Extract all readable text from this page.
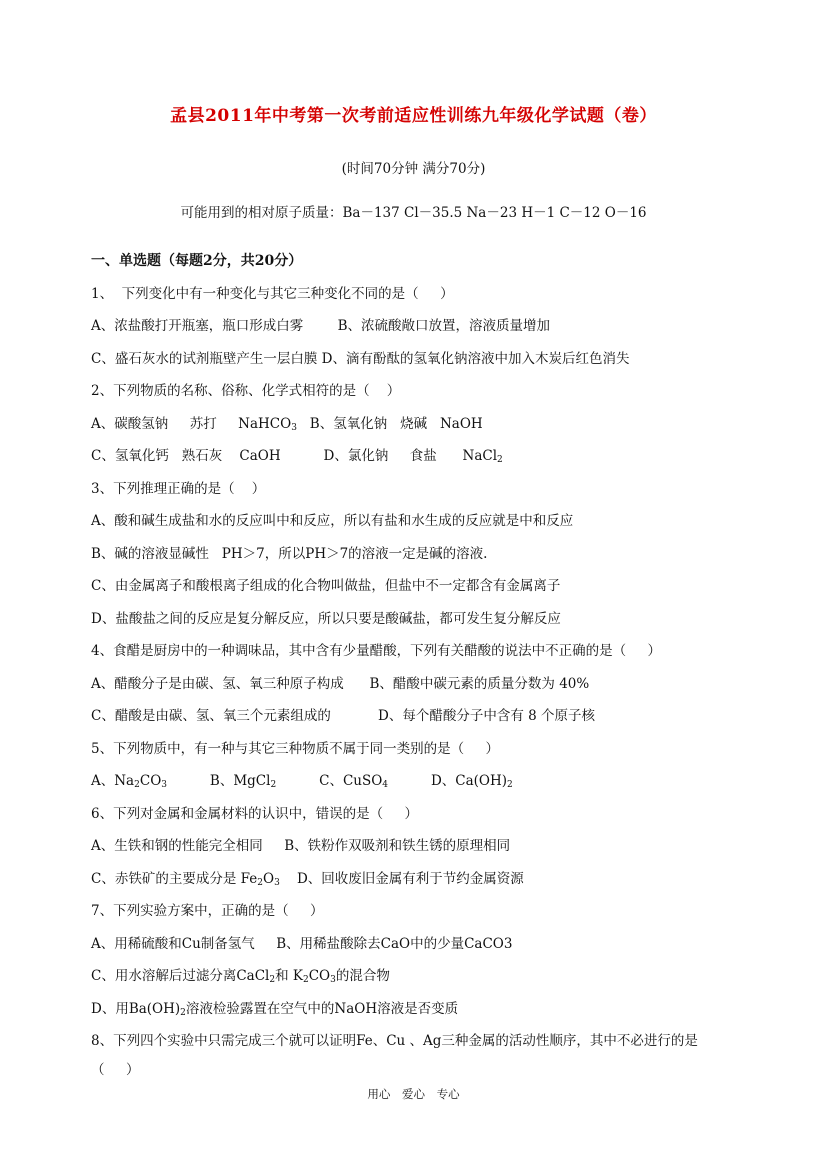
孟县2011年中考第一次考前适应性训练九年级化学试题（卷）
(时间70分钟 满分70分)
可能用到的相对原子质量：Ba－137 Cl－35.5 Na－23 H－1 C－12 O－16
一、单选题（每题2分，共20分）
1、  下列变化中有一种变化与其它三种变化不同的是（     ）
A、浓盐酸打开瓶塞，瓶口形成白雾        B、浓硫酸敞口放置，溶液质量增加
C、盛石灰水的试剂瓶壁产生一层白膜 D、滴有酚酞的氢氧化钠溶液中加入木炭后红色消失
2、下列物质的名称、俗称、化学式相符的是（    ）
A、碳酸氢钠     苏打     NaHCO$_3$   B、氢氧化钠   烧碱   NaOH
C、氢氧化钙   熟石灰    CaOH          D、氯化钠     食盐      NaCl$_2$
3、下列推理正确的是（    ）
A、酸和碱生成盐和水的反应叫中和反应，所以有盐和水生成的反应就是中和反应
B、碱的溶液显碱性   PH＞7，所以PH＞7的溶液一定是碱的溶液.
C、由金属离子和酸根离子组成的化合物叫做盐，但盐中不一定都含有金属离子
D、盐酸盐之间的反应是复分解反应，所以只要是酸碱盐，都可发生复分解反应
4、食醋是厨房中的一种调味品，其中含有少量醋酸，下列有关醋酸的说法中不正确的是（     ）
A、醋酸分子是由碳、氢、氧三种原子构成      B、醋酸中碳元素的质量分数为 40%
C、醋酸是由碳、氢、氧三个元素组成的           D、每个醋酸分子中含有 8 个原子核
5、下列物质中，有一种与其它三种物质不属于同一类别的是（     ）
A、$Na_2CO_3$	B、MgCl$_2$	C、CuSO$_4$	D、$Ca(OH)_2$
6、下列对金属和金属材料的认识中，错误的是（     ）
A、生铁和钢的性能完全相同     B、铁粉作双吸剂和铁生锈的原理相同
C、赤铁矿的主要成分是 $Fe_2O_3$    D、回收废旧金属有利于节约金属资源
7、下列实验方案中，正确的是（     ）
A、用稀硫酸和Cu制备氢气     B、用稀盐酸除去CaO中的少量CaCO3
C、用水溶解后过滤分离CaCl$_2$和 $K_2CO_3$的混合物
D、用$Ba(OH)_2$溶液检验露置在空气中的NaOH溶液是否变质
8、下列四个实验中只需完成三个就可以证明Fe、Cu 、Ag三种金属的活动性顺序，其中不必进行的是
（     ）
用心 爱心 专心
